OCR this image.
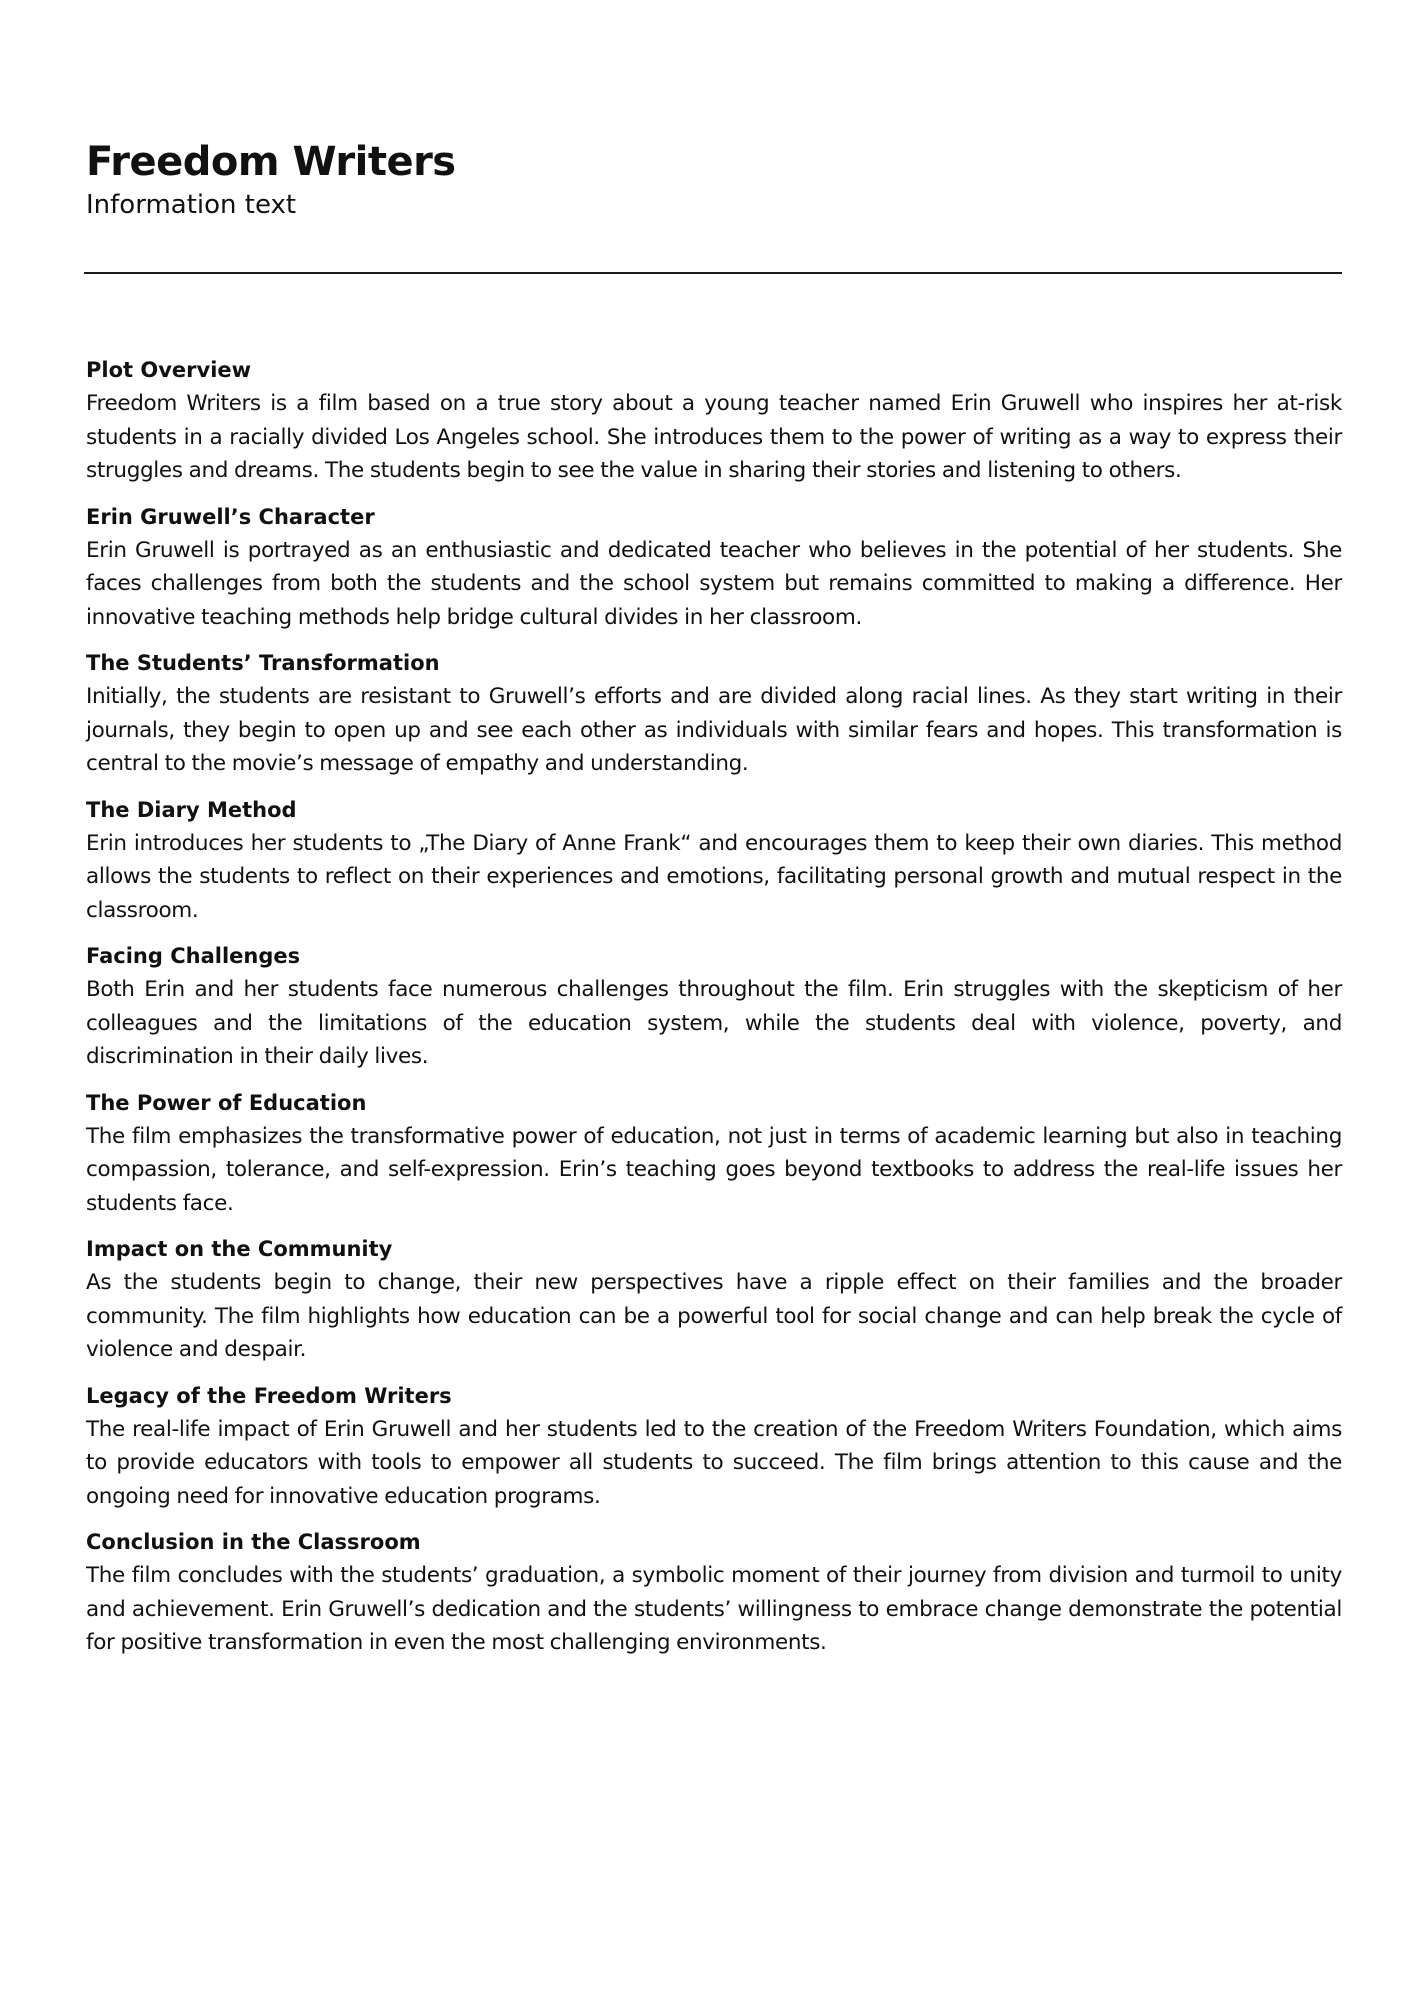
Freedom Writers

Information text

Plot Overview

Freedom Writers is a film based on a true story about a young teacher named Erin Gruwell who inspires her at-risk students in a racially divided Los Angeles school. She introduces them to the power of writing as a way to express their struggles and dreams. The students begin to see the value in sharing their stories and listening to others.

Erin Gruwell’s Character

Erin Gruwell is portrayed as an enthusiastic and dedicated teacher who believes in the potential of her students. She faces challenges from both the students and the school system but remains committed to making a difference. Her innovative teaching methods help bridge cultural divides in her classroom.

The Students’ Transformation

Initially, the students are resistant to Gruwell’s efforts and are divided along racial lines. As they start writing in their journals, they begin to open up and see each other as individuals with similar fears and hopes. This transformation is central to the movie’s message of empathy and understanding.

The Diary Method

Erin introduces her students to „The Diary of Anne Frank“ and encourages them to keep their own diaries. This method allows the students to reflect on their experiences and emotions, facilitating personal growth and mutual respect in the classroom.

Facing Challenges

Both Erin and her students face numerous challenges throughout the film. Erin struggles with the skepticism of her colleagues and the limitations of the education system, while the students deal with violence, poverty, and discrimination in their daily lives.

The Power of Education

The film emphasizes the transformative power of education, not just in terms of academic learning but also in teaching compassion, tolerance, and self-expression. Erin’s teaching goes beyond textbooks to address the real-life issues her students face.

Impact on the Community

As the students begin to change, their new perspectives have a ripple effect on their families and the broader community. The film highlights how education can be a powerful tool for social change and can help break the cycle of violence and despair.

Legacy of the Freedom Writers

The real-life impact of Erin Gruwell and her students led to the creation of the Freedom Writers Foundation, which aims to provide educators with tools to empower all students to succeed. The film brings attention to this cause and the ongoing need for innovative education programs.

Conclusion in the Classroom

The film concludes with the students’ graduation, a symbolic moment of their journey from division and turmoil to unity and achievement. Erin Gruwell’s dedication and the students’ willingness to embrace change demonstrate the potential for positive transformation in even the most challenging environments.
